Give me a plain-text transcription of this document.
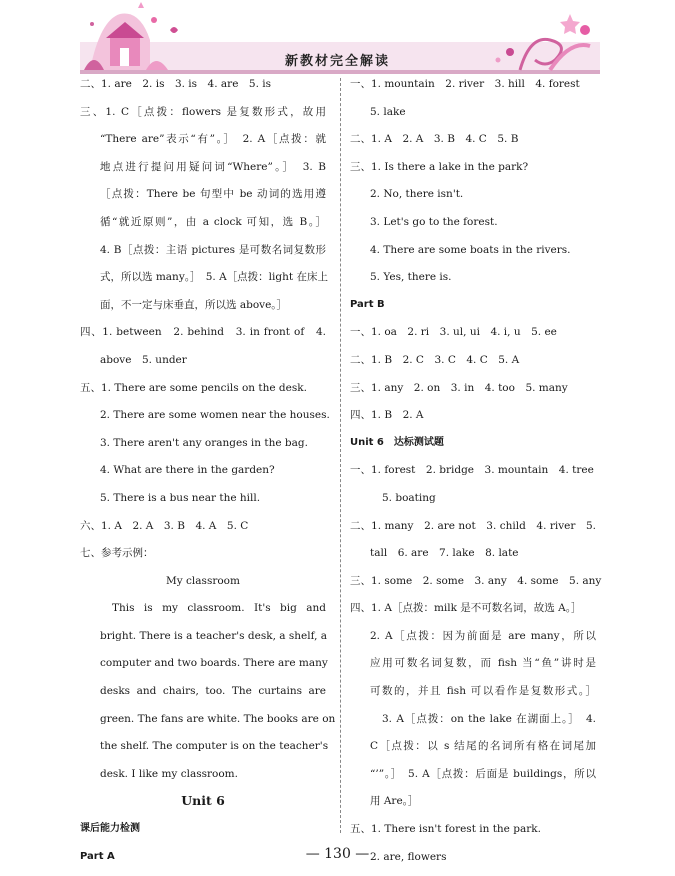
新教材完全解读
二、1. are　2. is　3. is　4. are　5. is
三、1. C［点拨：flowers 是复数形式，故用
“There are”表示“有”。］　2. A［点拨：就
地点进行提问用疑问词“Where”。］　3. B
［点拨：There be 句型中 be 动词的选用遵
循“就近原则”，由 a clock 可知，选 B。］
4. B［点拨：主语 pictures 是可数名词复数形
式，所以选 many。］　5. A［点拨：light 在床上
面，不一定与床垂直，所以选 above。］
四、1. between　2. behind　3. in front of　4.
above　5. under
五、1. There are some pencils on the desk.
2. There are some women near the houses.
3. There aren't any oranges in the bag.
4. What are there in the garden?
5. There is a bus near the hill.
六、1. A　2. A　3. B　4. A　5. C
七、参考示例：
My classroom
This is my classroom. It's big and
bright. There is a teacher's desk, a shelf, a
computer and two boards. There are many
desks and chairs, too. The curtains are
green. The fans are white. The books are on
the shelf. The computer is on the teacher's
desk. I like my classroom.
Unit 6
课后能力检测
Part A
一、1. mountain　2. river　3. hill　4. forest
5. lake
二、1. A　2. A　3. B　4. C　5. B
三、1. Is there a lake in the park?
2. No, there isn't.
3. Let's go to the forest.
4. There are some boats in the rivers.
5. Yes, there is.
Part B
一、1. oa　2. ri　3. ul, ui　4. i, u　5. ee
二、1. B　2. C　3. C　4. C　5. A
三、1. any　2. on　3. in　4. too　5. many
四、1. B　2. A
Unit 6　达标测试题
一、1. forest　2. bridge　3. mountain　4. tree
5. boating
二、1. many　2. are not　3. child　4. river　5.
tall　6. are　7. lake　8. late
三、1. some　2. some　3. any　4. some　5. any
四、1. A［点拨：milk 是不可数名词，故选 A。］
2. A［点拨：因为前面是 are many，所以
应用可数名词复数，而 fish 当“鱼”讲时是
可数的，并且 fish 可以看作是复数形式。］
3. A［点拨：on the lake 在湖面上。］　4.
C［点拨：以 s 结尾的名词所有格在词尾加
“’”。］　5. A［点拨：后面是 buildings，所以
用 Are。］
五、1. There isn't forest in the park.
2. are, flowers
— 130 —
